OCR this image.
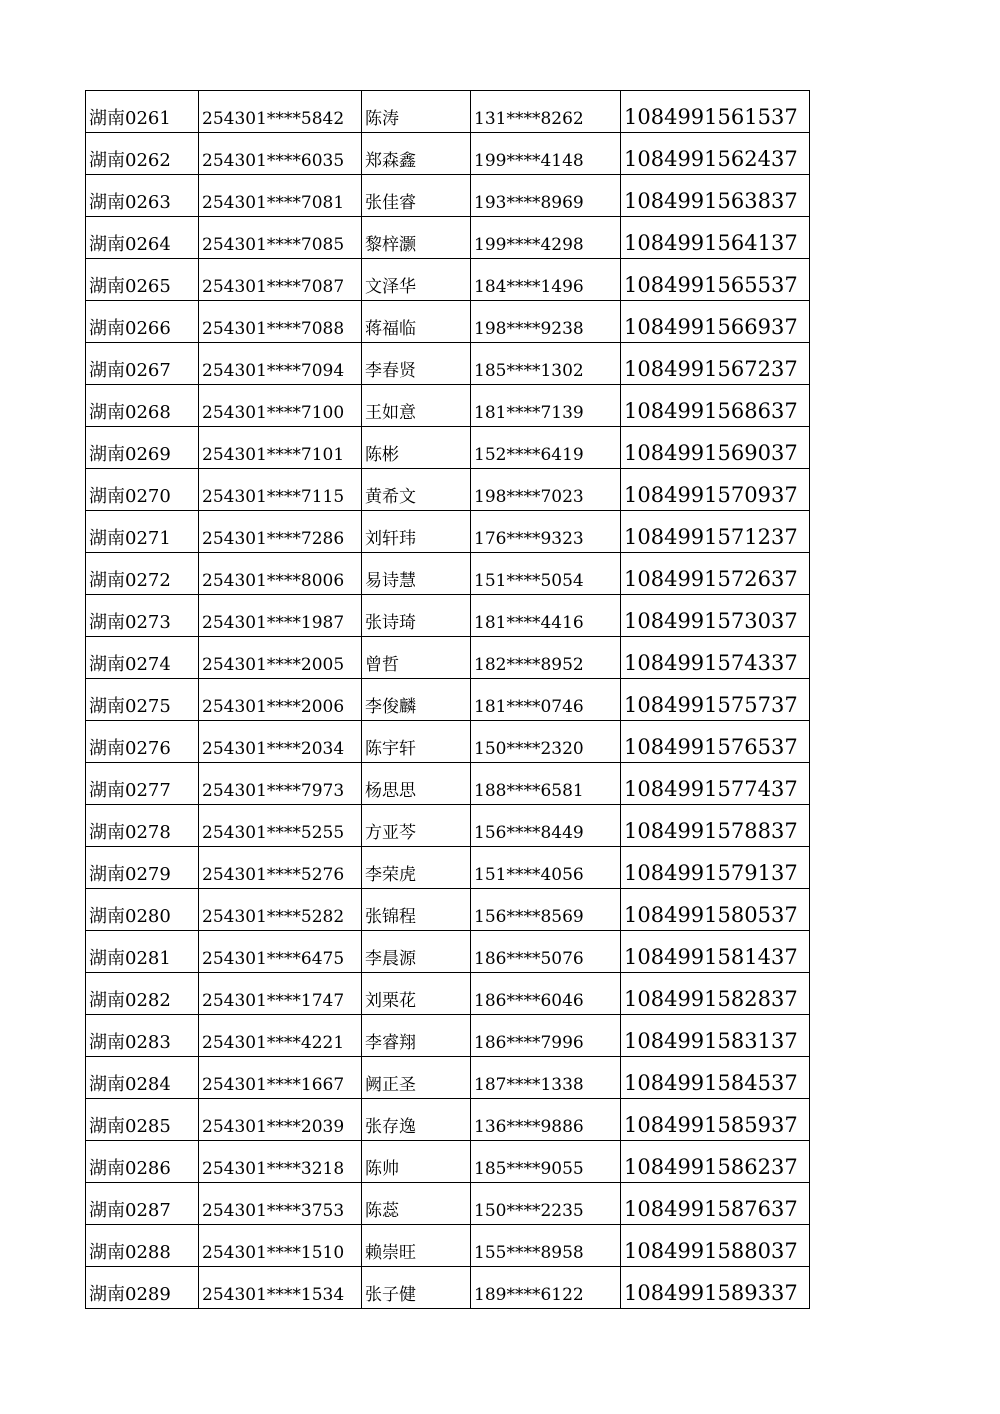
湖南0261	254301****5842	陈涛	131****8262	1084991561537
湖南0262	254301****6035	郑森鑫	199****4148	1084991562437
湖南0263	254301****7081	张佳睿	193****8969	1084991563837
湖南0264	254301****7085	黎梓灏	199****4298	1084991564137
湖南0265	254301****7087	文泽华	184****1496	1084991565537
湖南0266	254301****7088	蒋福临	198****9238	1084991566937
湖南0267	254301****7094	李春贤	185****1302	1084991567237
湖南0268	254301****7100	王如意	181****7139	1084991568637
湖南0269	254301****7101	陈彬	152****6419	1084991569037
湖南0270	254301****7115	黄希文	198****7023	1084991570937
湖南0271	254301****7286	刘轩玮	176****9323	1084991571237
湖南0272	254301****8006	易诗慧	151****5054	1084991572637
湖南0273	254301****1987	张诗琦	181****4416	1084991573037
湖南0274	254301****2005	曾哲	182****8952	1084991574337
湖南0275	254301****2006	李俊麟	181****0746	1084991575737
湖南0276	254301****2034	陈宇轩	150****2320	1084991576537
湖南0277	254301****7973	杨思思	188****6581	1084991577437
湖南0278	254301****5255	方亚芩	156****8449	1084991578837
湖南0279	254301****5276	李荣虎	151****4056	1084991579137
湖南0280	254301****5282	张锦程	156****8569	1084991580537
湖南0281	254301****6475	李晨源	186****5076	1084991581437
湖南0282	254301****1747	刘栗花	186****6046	1084991582837
湖南0283	254301****4221	李睿翔	186****7996	1084991583137
湖南0284	254301****1667	阙正圣	187****1338	1084991584537
湖南0285	254301****2039	张存逸	136****9886	1084991585937
湖南0286	254301****3218	陈帅	185****9055	1084991586237
湖南0287	254301****3753	陈蕊	150****2235	1084991587637
湖南0288	254301****1510	赖崇旺	155****8958	1084991588037
湖南0289	254301****1534	张子健	189****6122	1084991589337
